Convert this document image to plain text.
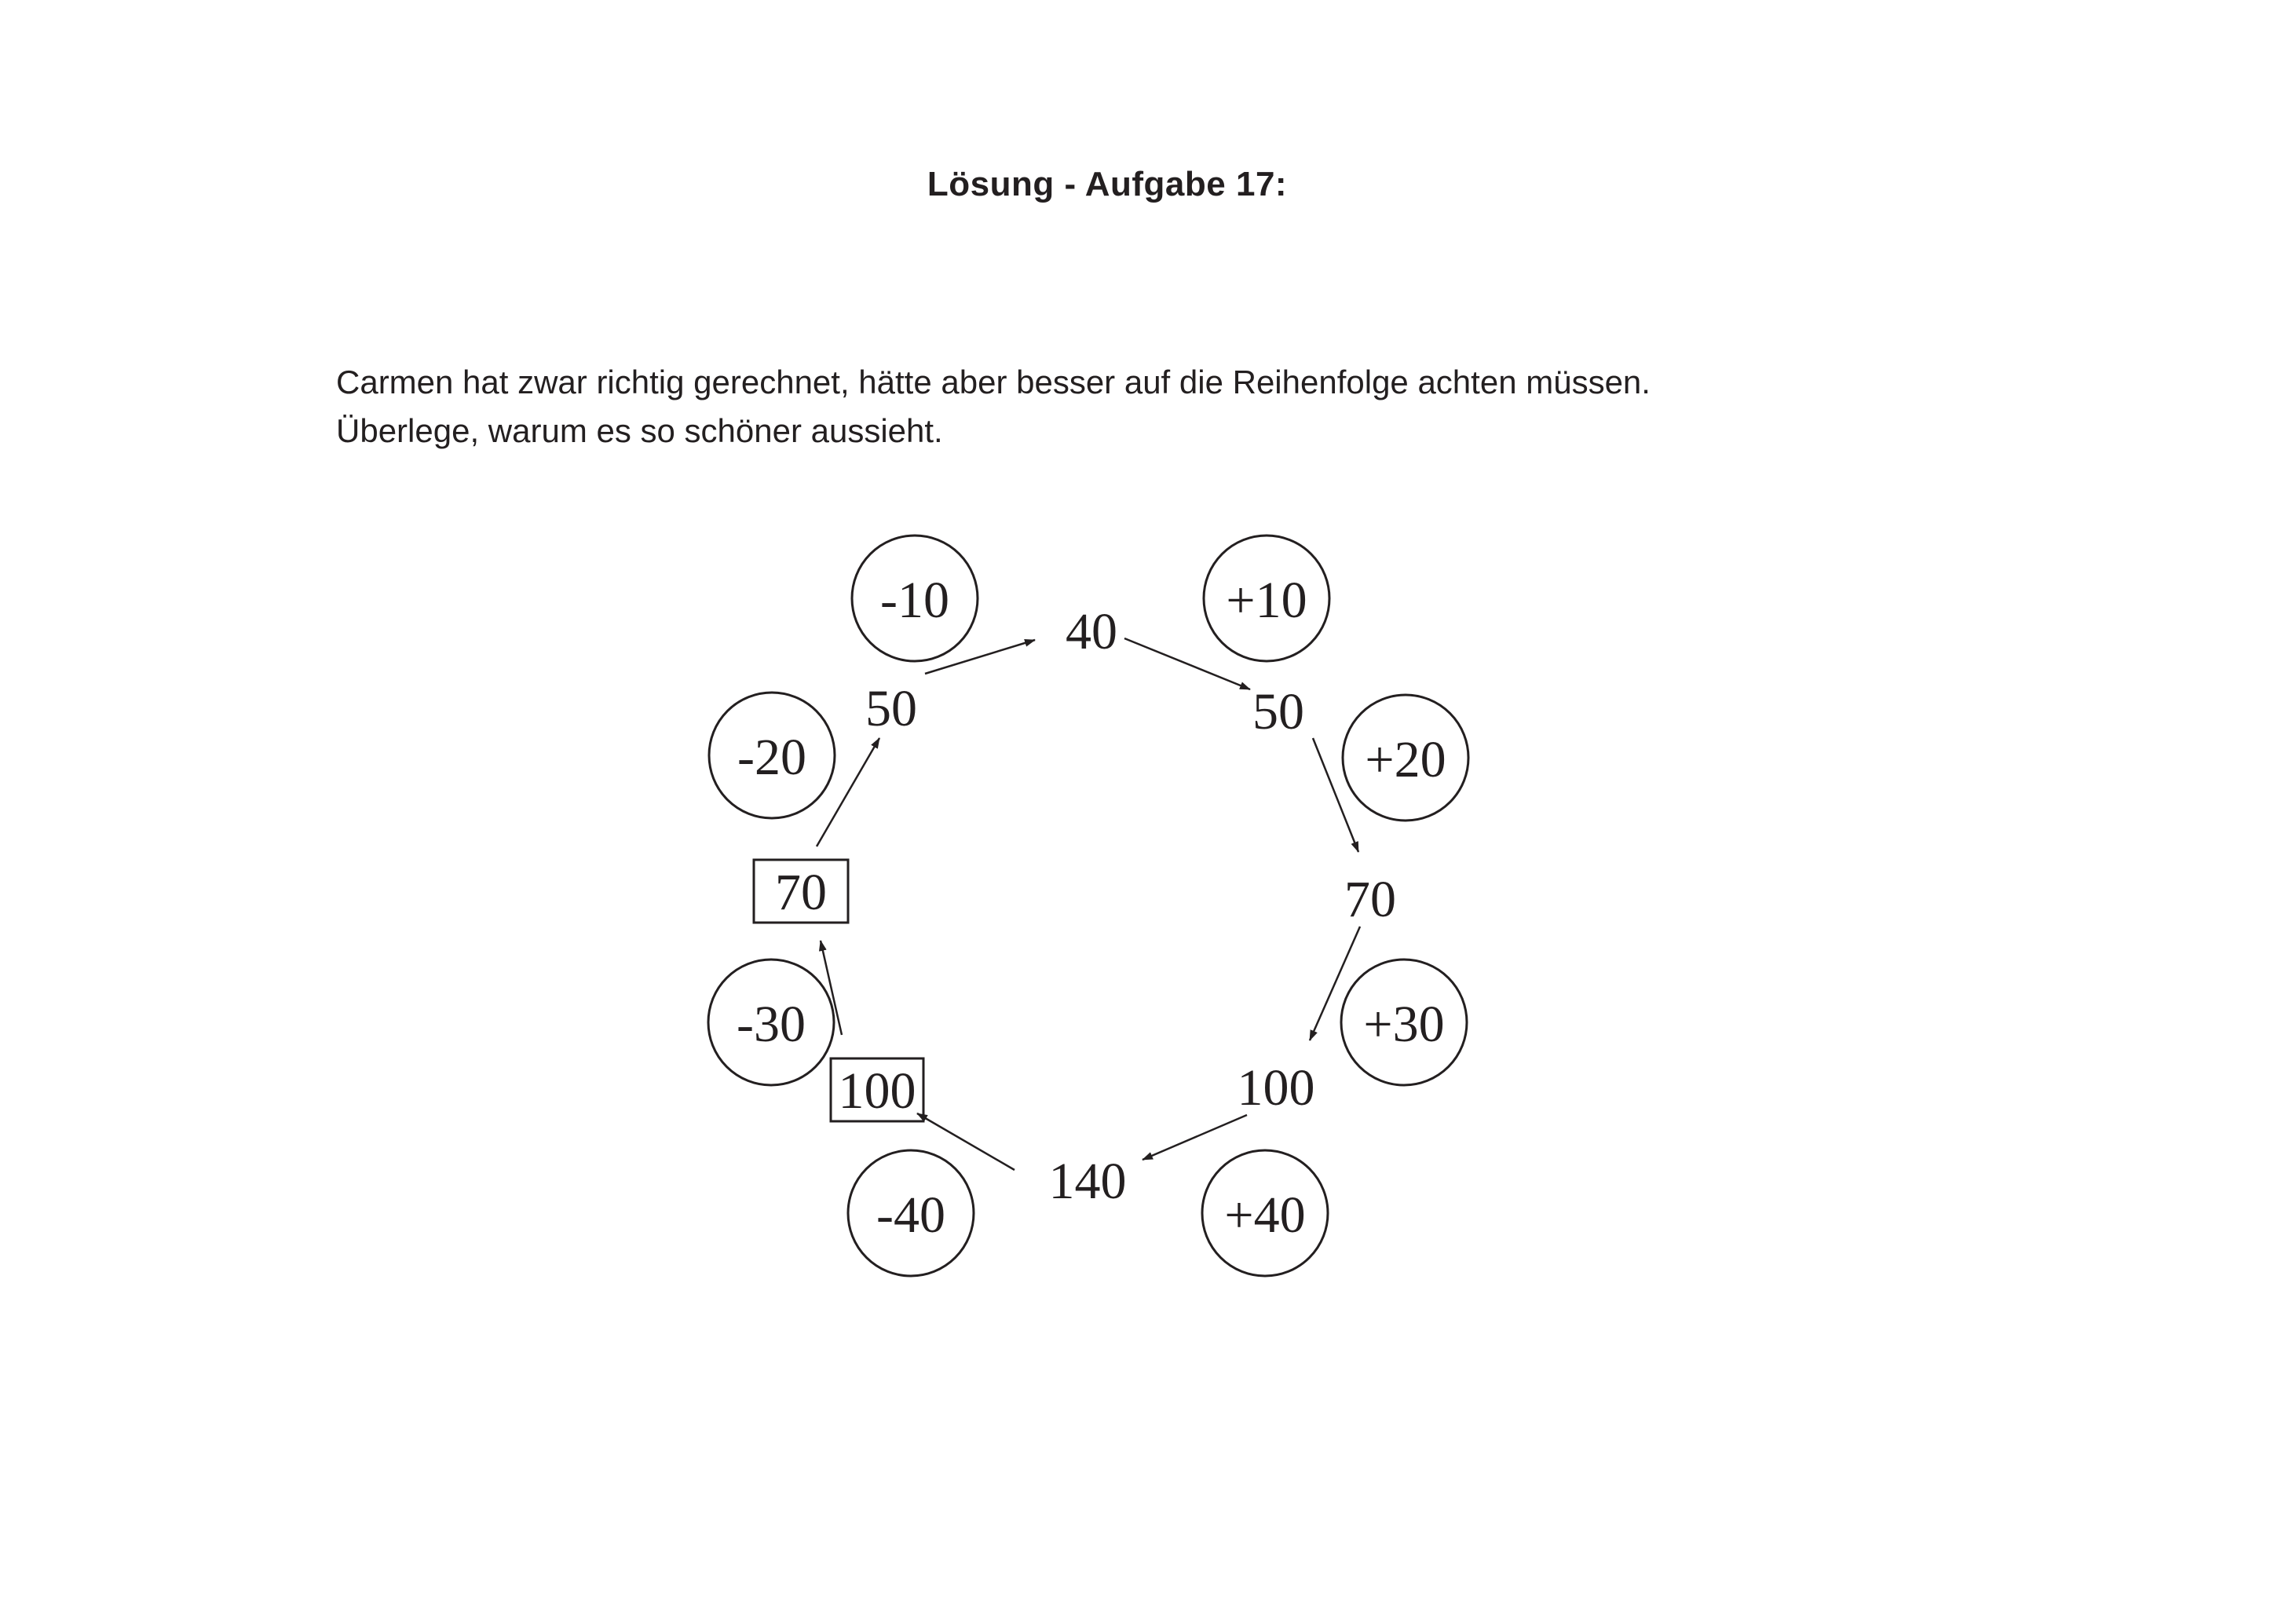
Lösung - Aufgabe 17:

Carmen hat zwar richtig gerechnet, hätte aber besser auf die Reihenfolge achten müssen.

Überlege, warum es so schöner aussieht.

-10	+10
-20	+20
-30	+30
-40	+40
40
50
70
100
140
100
70
50
